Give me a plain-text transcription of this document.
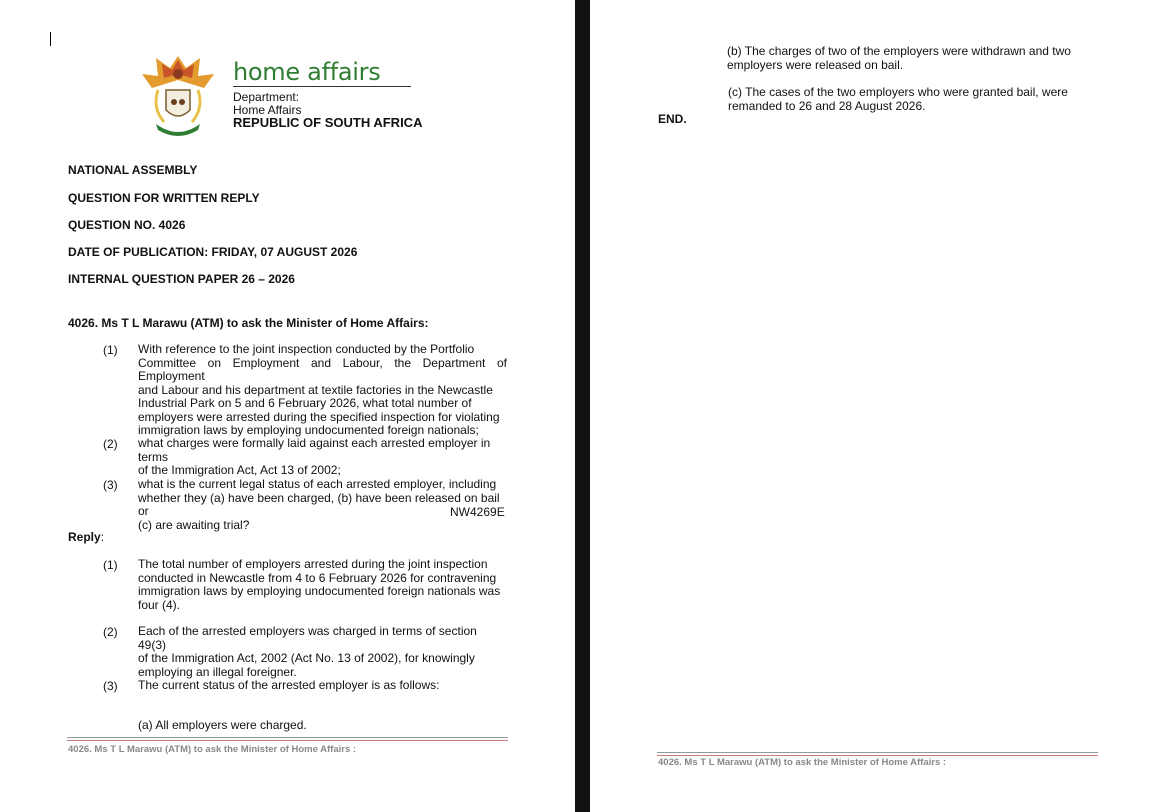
home affairs
Department:
Home Affairs
REPUBLIC OF SOUTH AFRICA
NATIONAL ASSEMBLY
QUESTION FOR WRITTEN REPLY
QUESTION NO. 4026
DATE OF PUBLICATION: FRIDAY, 07 AUGUST 2026
INTERNAL QUESTION PAPER 26 – 2026
4026. Ms T L Marawu (ATM) to ask the Minister of Home Affairs:
(1) With reference to the joint inspection conducted by the Portfolio
Committee on Employment and Labour, the Department of Employment
and Labour and his department at textile factories in the Newcastle
Industrial Park on 5 and 6 February 2026, what total number of
employers were arrested during the specified inspection for violating
immigration laws by employing undocumented foreign nationals;
(2) what charges were formally laid against each arrested employer in terms
of the Immigration Act, Act 13 of 2002;
(3) what is the current legal status of each arrested employer, including
whether they (a) have been charged, (b) have been released on bail or
(c) are awaiting trial?
NW4269E
Reply:
(1) The total number of employers arrested during the joint inspection
conducted in Newcastle from 4 to 6 February 2026 for contravening
immigration laws by employing undocumented foreign nationals was
four (4).
(2) Each of the arrested employers was charged in terms of section 49(3)
of the Immigration Act, 2002 (Act No. 13 of 2002), for knowingly
employing an illegal foreigner.
(3) The current status of the arrested employer is as follows:
(a) All employers were charged.
4026. Ms T L Marawu (ATM) to ask the Minister of Home Affairs :
(b) The charges of two of the employers were withdrawn and two
employers were released on bail.
(c) The cases of the two employers who were granted bail, were
remanded to 26 and 28 August 2026.
END.
4026. Ms T L Marawu (ATM) to ask the Minister of Home Affairs :
